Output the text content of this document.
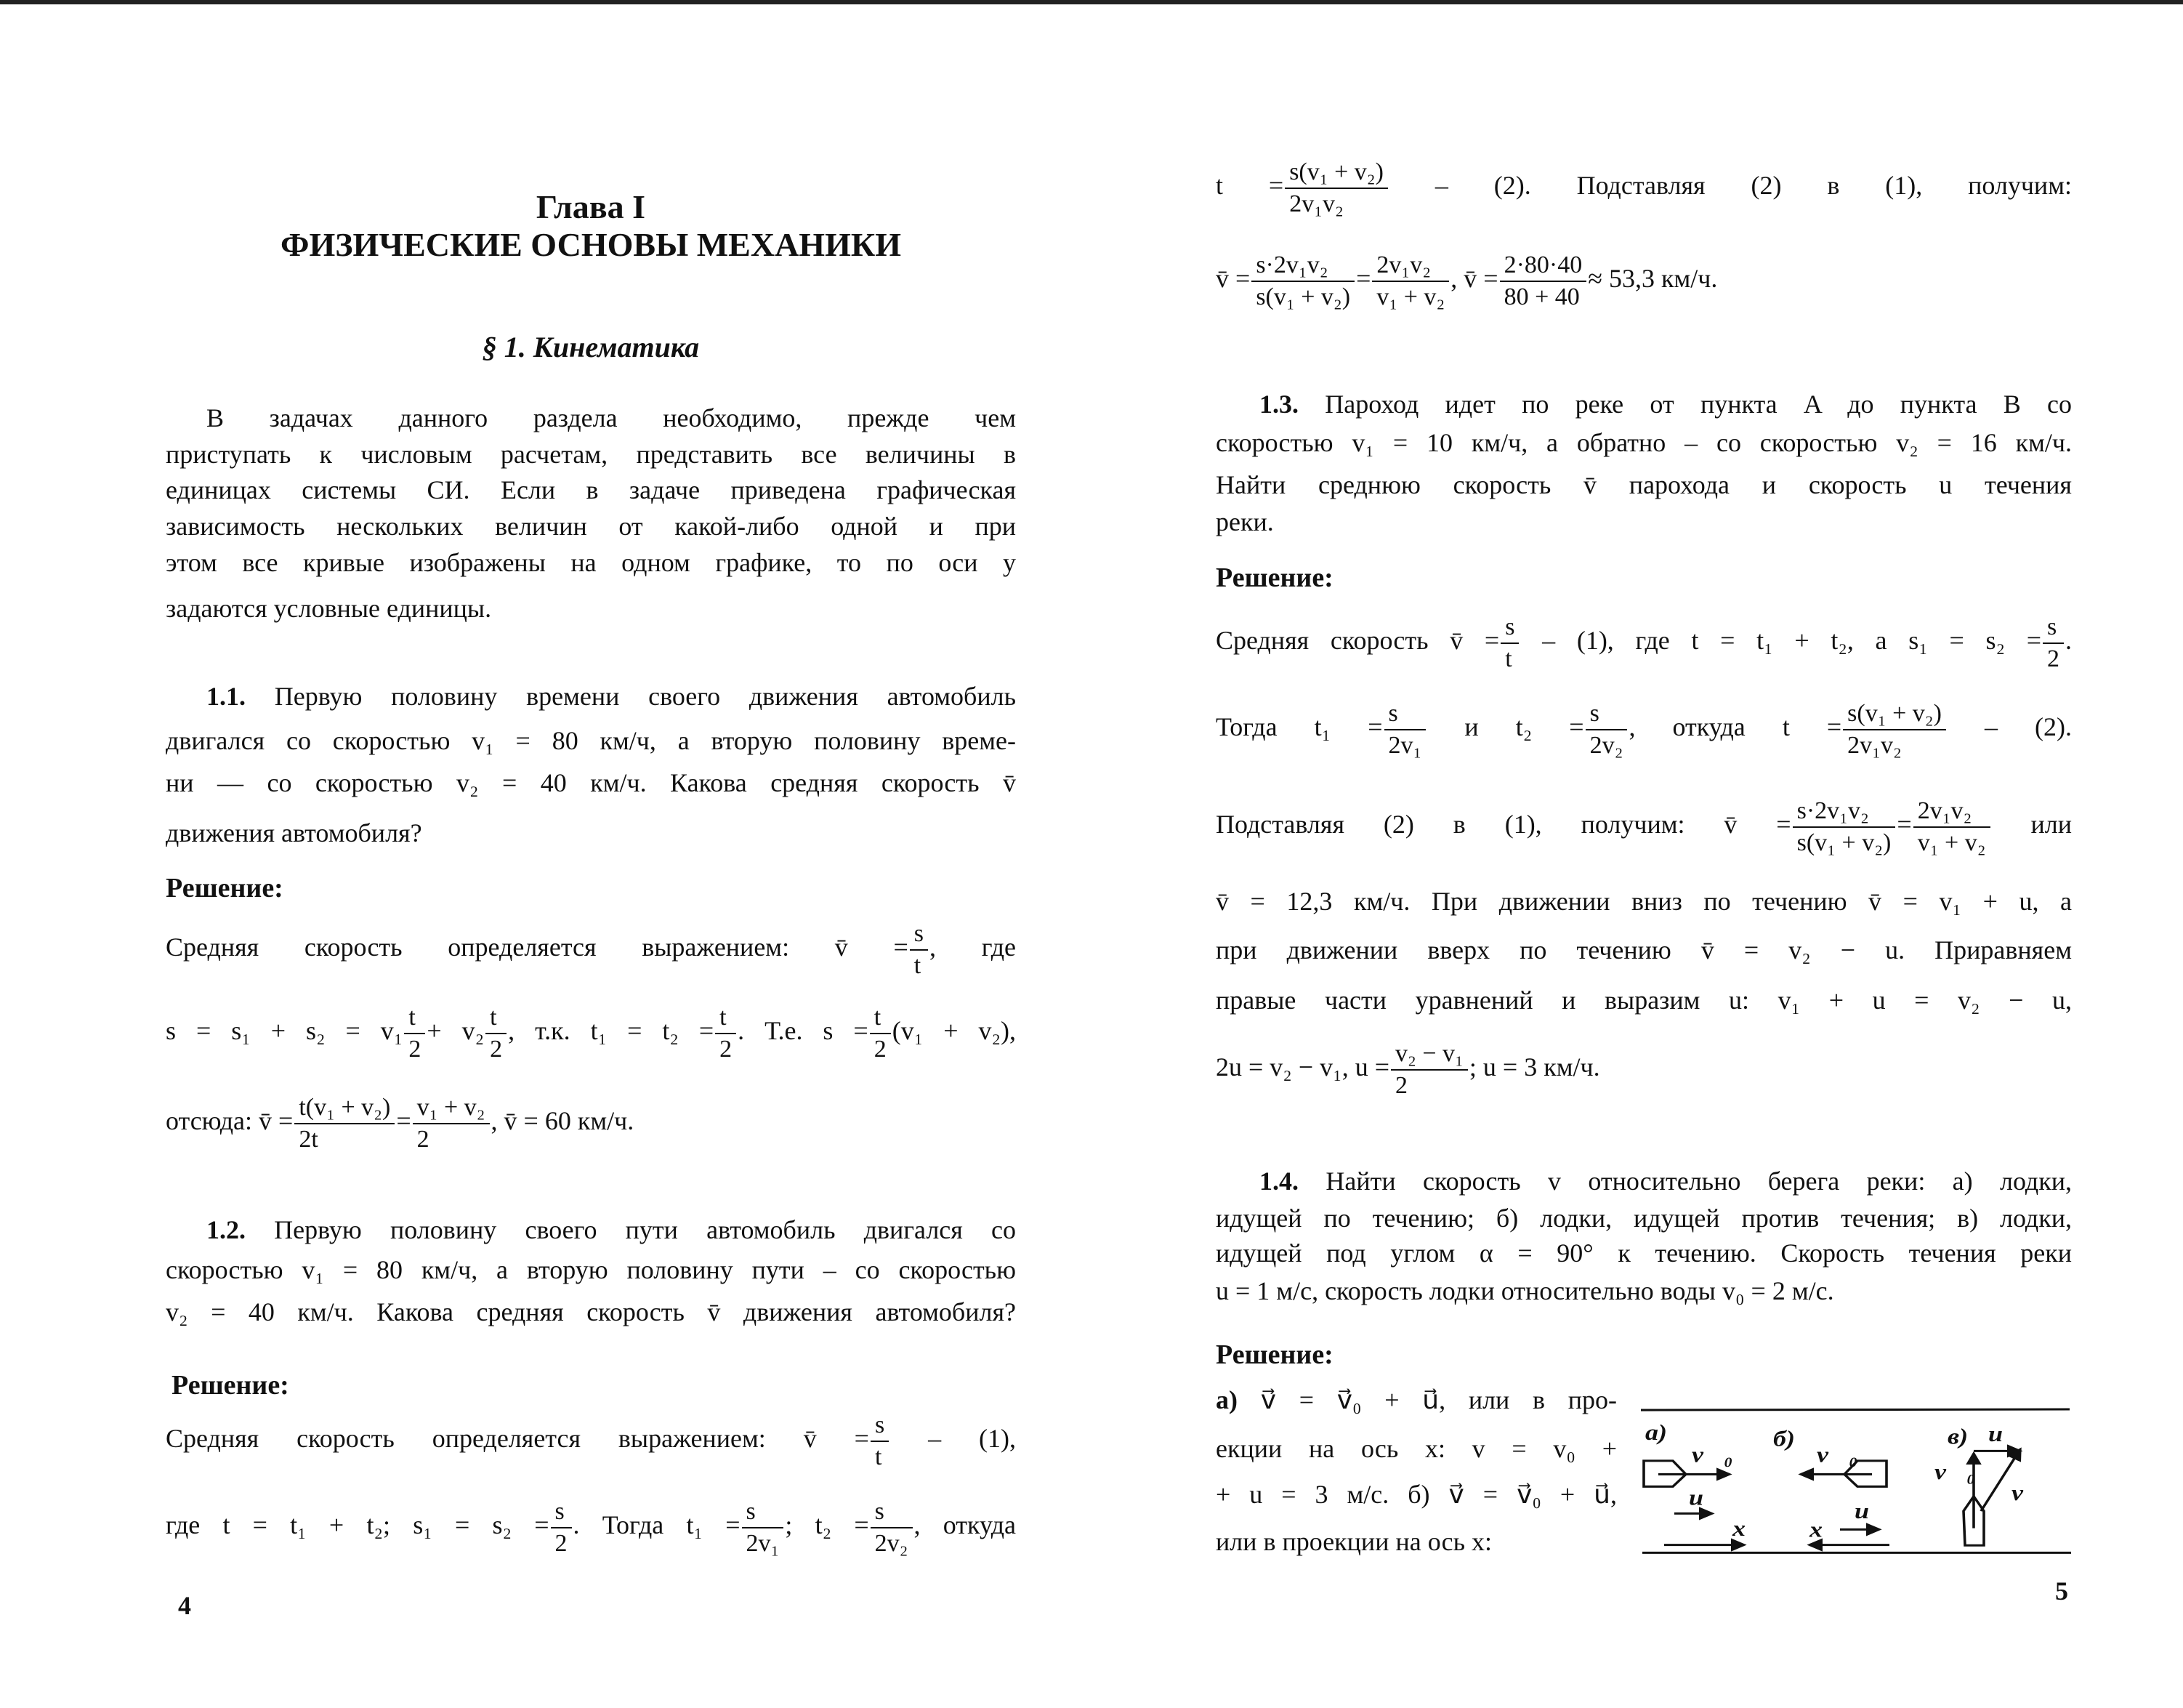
Глава I
ФИЗИЧЕСКИЕ ОСНОВЫ МЕХАНИКИ
§ 1. Кинематика
В задачах данного раздела необходимо, прежде чем
приступать к числовым расчетам, представить все величины в
единицах системы СИ. Если в задаче приведена графическая
зависимость нескольких величин от какой-либо одной и при
этом все кривые изображены на одном графике, то по оси y
задаются условные единицы.
1.1. Первую половину времени своего движения автомобиль
двигался со скоростью v₁ = 80 км/ч, а вторую половину време-
ни — со скоростью v₂ = 40 км/ч. Какова средняя скорость v̄
движения автомобиля?
Решение:
Средняя скорость определяется выражением: v̄ = $\frac{s}{t}$ , где
$s = s_1 + s_2 = v_1 \frac{t}{2} + v_2 \frac{t}{2}$ , т.к. $t_1 = t_2 = \frac{t}{2}$ . Т.е. $s = \frac{t}{2} (v_1 + v_2)$,
отсюда: v̄ = $\frac{\text{t(v₁ + v₂)}}{2t} = \frac{\text{v₁ + v₂}}{2}$ , v̄ = 60 км/ч.
1.2. Первую половину своего пути автомобиль двигался со
скоростью v₁ = 80 км/ч, а вторую половину пути – со скоростью
v₂ = 40 км/ч. Какова средняя скорость v̄ движения автомобиля?
Решение:
Средняя скорость определяется выражением: v̄ = $\frac{s}{t} - (1)$,
где t = t₁ + t₂; $s_1 = s_2 = \frac{s}{2}$ . Тогда $t_1 = \frac{s}{\text{2v₁}}$ ; $t_2 = \frac{s}{\text{2v₂}}$ , откуда
4
$t = \frac{\text{s(v₁ + v₂)}}{\text{2v₁v₂}} - (2)$. Подставляя (2) в (1), получим:
v̄ = $\frac{\text{s·2v₁v₂}}{\text{s(v₁ + v₂)}} = \frac{\text{2v₁v₂}}{\text{v₁ + v₂}}$ , v̄ = $\frac{2\cdot 80\cdot 40}{80 + 40} \approx 53,3$ км/ч.
1.3. Пароход идет по реке от пункта A до пункта B со
скоростью v₁ = 10 км/ч, а обратно – со скоростью v₂ = 16 км/ч.
Найти среднюю скорость v̄ парохода и скорость u течения
реки.
Решение:
Средняя скорость v̄ = $\frac{s}{t} - (1)$, где t = t₁ + t₂, а $s_1 = s_2 = \frac{s}{2}$ .
Тогда $t_1 = \frac{s}{\text{2v₁}}$ и $t_2 = \frac{s}{\text{2v₂}}$ , откуда $t = \frac{\text{s(v₁ + v₂)}}{\text{2v₁v₂}} - (2)$.
Подставляя (2) в (1), получим: v̄ = $\frac{\text{s·2v₁v₂}}{\text{s(v₁ + v₂)}} = \frac{\text{2v₁v₂}}{\text{v₁ + v₂}}$ или
v̄ = 12,3 км/ч. При движении вниз по течению v̄ = v₁ + u, а
при движении вверх по течению v̄ = v₂ − u. Приравняем
правые части уравнений и выразим u: v₁ + u = v₂ − u,
2u = v₂ − v₁, $u = \frac{\text{v₂ − v₁}}{2}$ ; u = 3 км/ч.
1.4. Найти скорость v относительно берега реки: а) лодки,
идущей по течению; б) лодки, идущей против течения; в) лодки,
идущей под углом α = 90° к течению. Скорость течения реки
u = 1 м/с, скорость лодки относительно воды v₀ = 2 м/с.
Решение:
а) v⃗ = v⃗₀ + u⃗, или в про-
екции на ось x: v = v₀ +
+ u = 3 м/с. б) v⃗ = v⃗₀ + u⃗,
или в проекции на ось x:
а)
v⃗₀
u
x
б)
v⃗₀
u
x
в) u
v⃗₀
v⃗
5
